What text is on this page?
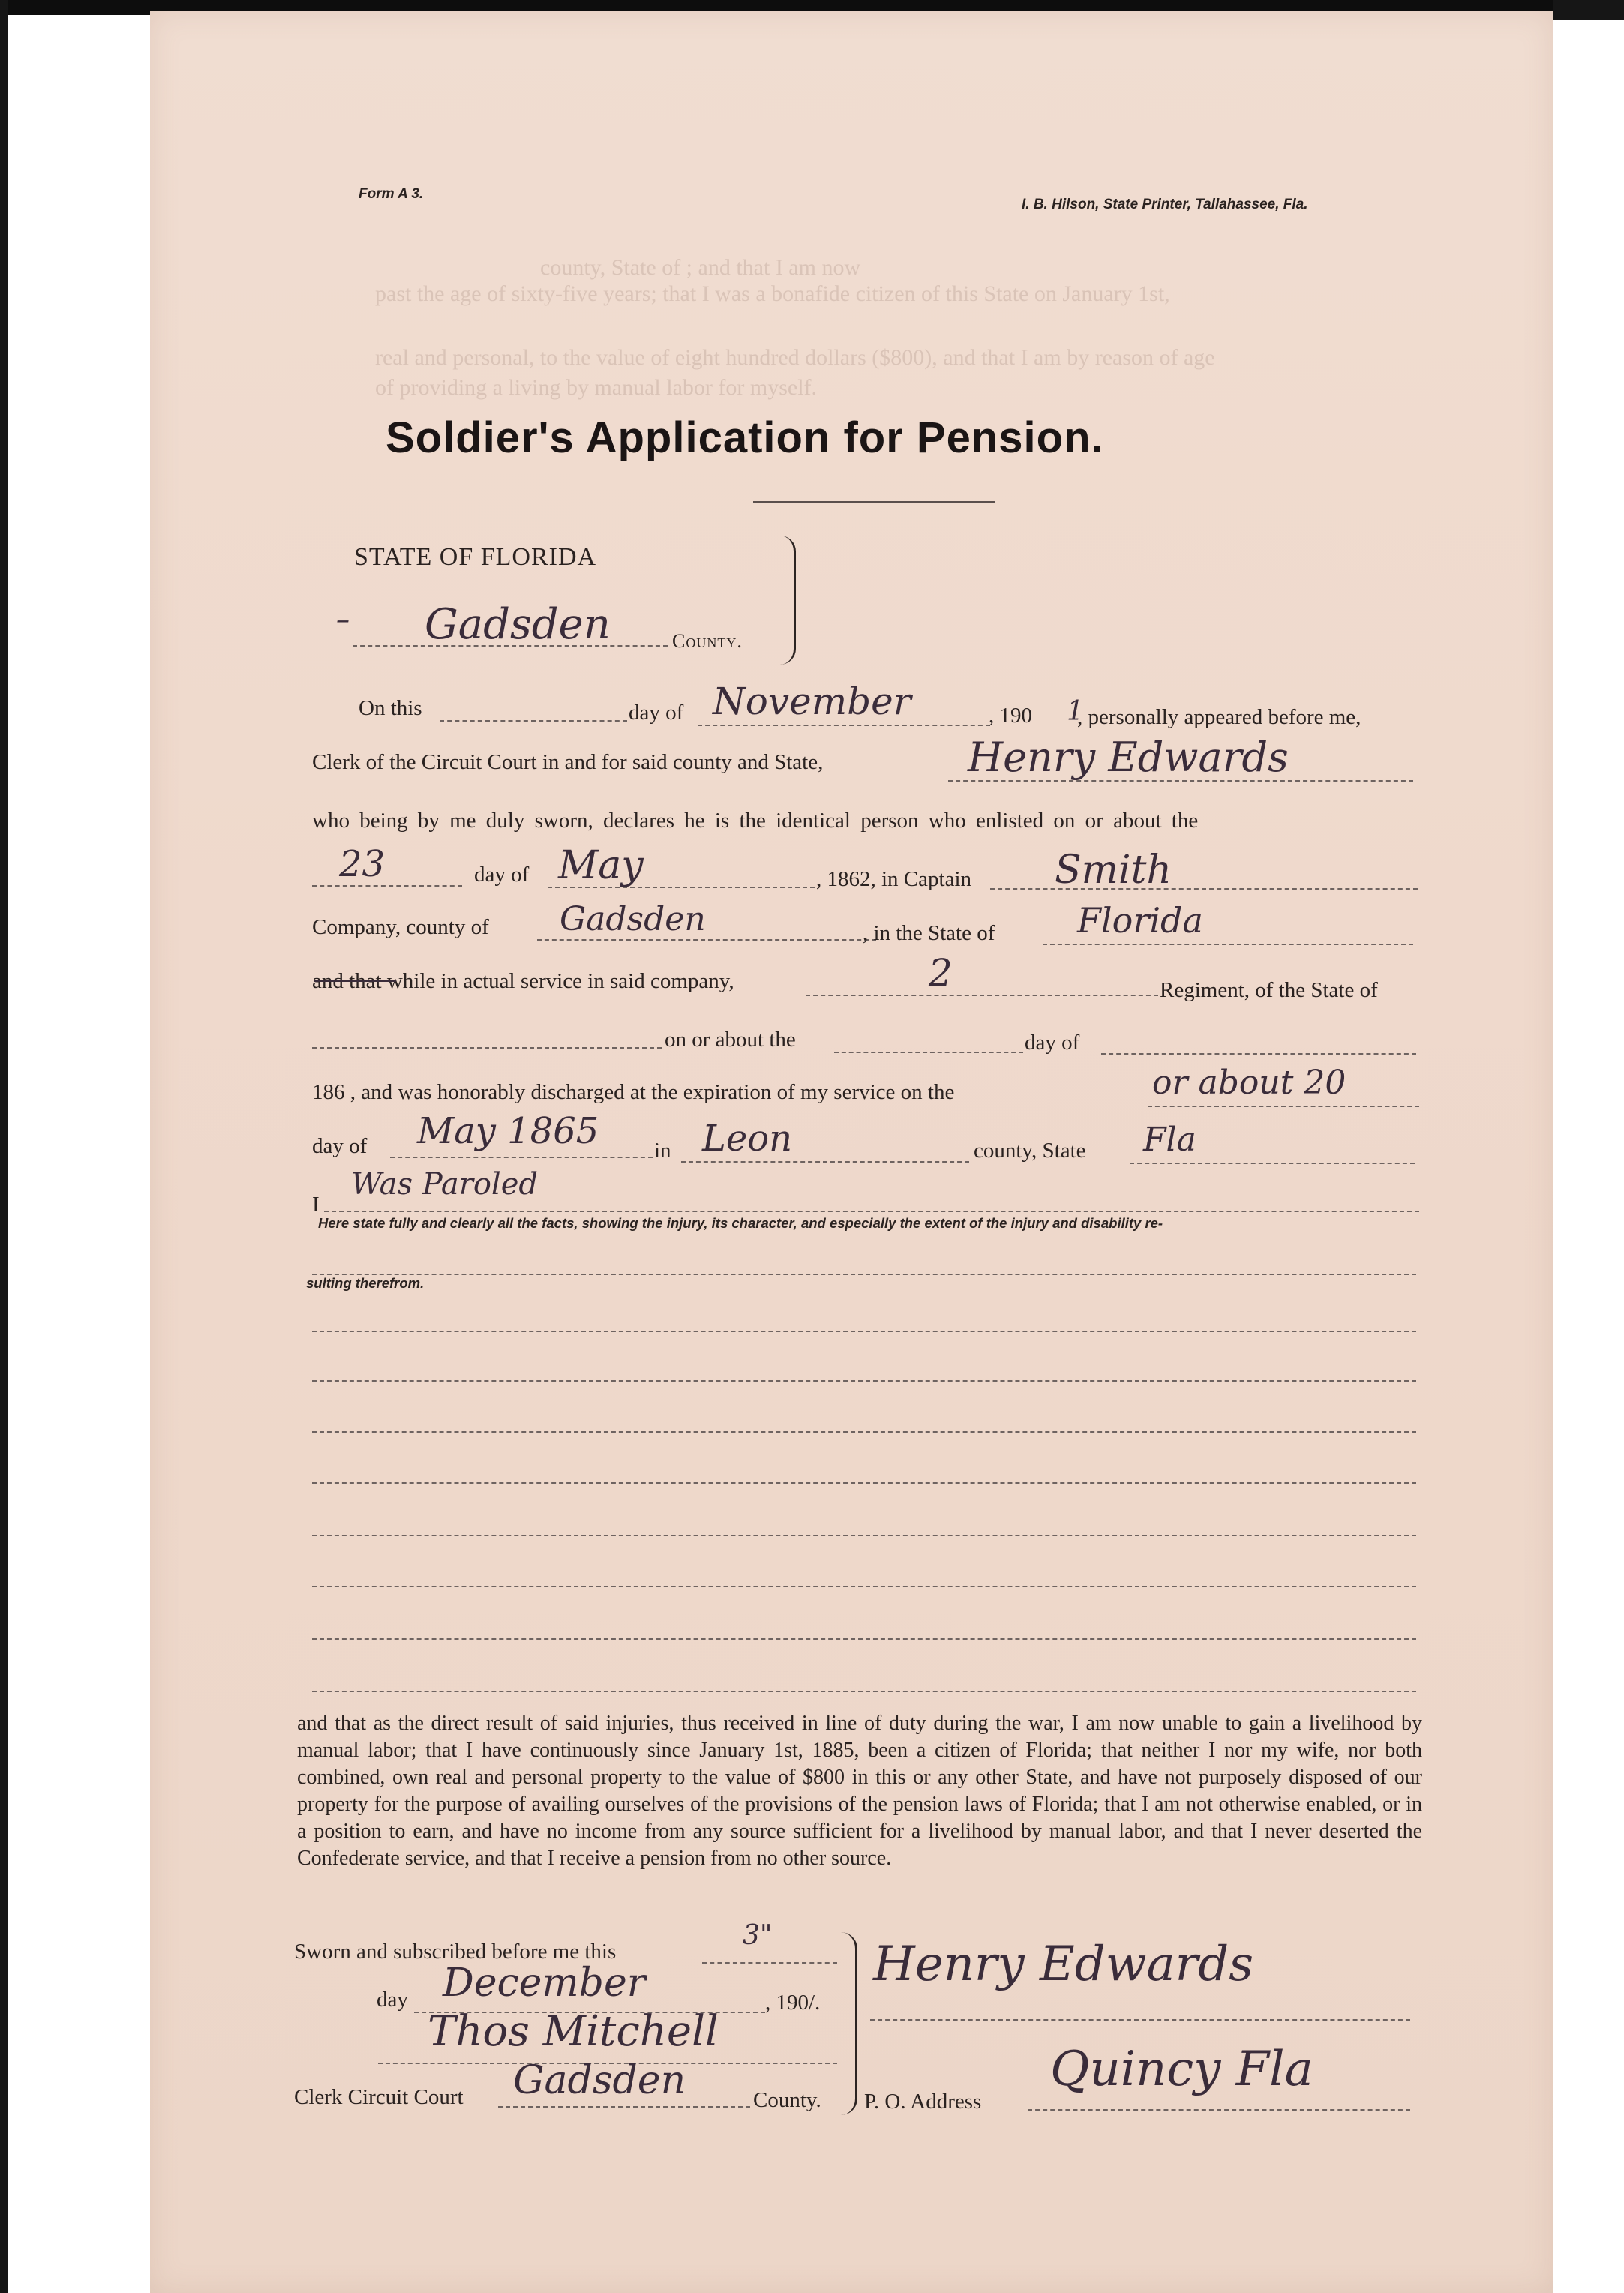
county, State of ; and that I am now
past the age of sixty-five years; that I was a bonafide citizen of this State on January 1st,
real and personal, to the value of eight hundred dollars ($800), and that I am by reason of age
of providing a living by manual labor for myself.
Form A 3.
I. B. Hilson, State Printer, Tallahassee, Fla.
Soldier's Application for Pension.
STATE OF FLORIDA
– Gadsden	County.
On this	day of November	, 190 1
, personally appeared before me,
Clerk of the Circuit Court in and for said county and State,	Henry Edwards
who being by me duly sworn, declares he is the identical person who enlisted on or about the
23	day of May	, 1862, in Captain Smith
Company, county of Gadsden	, in the State of Florida
and that while in actual service in said company,	2	Regiment, of the State of
on or about the	day of
186 , and was honorably discharged at the expiration of my service on the	or about 20
day of May 1865	in Leon	county, State Fla
I
Was Paroled
Here state fully and clearly all the facts, showing the injury, its character, and especially the extent of the injury and disability re-
sulting therefrom.
and that as the direct result of said injuries, thus received in line of duty during the war, I am now unable to gain a livelihood by manual labor; that I have continuously since January 1st, 1885, been a citizen of Florida; that neither I nor my wife, nor both combined, own real and personal property to the value of $800 in this or any other State, and have not purposely disposed of our property for the purpose of availing ourselves of the provisions of the pension laws of Florida; that I am not otherwise enabled, or in a position to earn, and have no income from any source sufficient for a livelihood by manual labor, and that I never deserted the Confederate service, and that I receive a pension from no other source.
Sworn and subscribed before me this
3"
day December	, 190/.
Thos Mitchell
Clerk Circuit Court Gadsden	County.
Henry Edwards
P. O. Address
Quincy Fla
